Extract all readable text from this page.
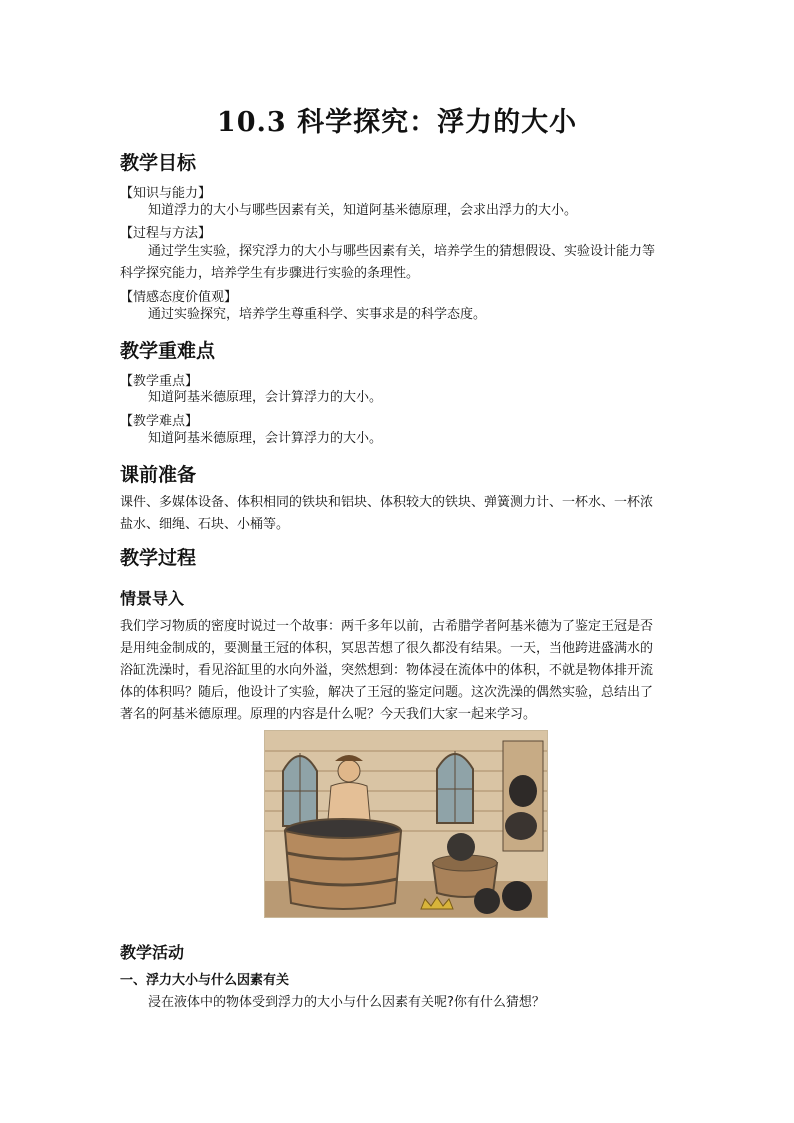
10.3 科学探究：浮力的大小
教学目标
【知识与能力】
知道浮力的大小与哪些因素有关，知道阿基米德原理，会求出浮力的大小。
【过程与方法】
通过学生实验，探究浮力的大小与哪些因素有关，培养学生的猜想假设、实验设计能力等
科学探究能力，培养学生有步骤进行实验的条理性。
【情感态度价值观】
通过实验探究，培养学生尊重科学、实事求是的科学态度。
教学重难点
【教学重点】
知道阿基米德原理，会计算浮力的大小。
【教学难点】
知道阿基米德原理，会计算浮力的大小。
课前准备
课件、多媒体设备、体积相同的铁块和铝块、体积较大的铁块、弹簧测力计、一杯水、一杯浓
盐水、细绳、石块、小桶等。
教学过程
情景导入
我们学习物质的密度时说过一个故事：两千多年以前，古希腊学者阿基米德为了鉴定王冠是否
是用纯金制成的，要测量王冠的体积，冥思苦想了很久都没有结果。一天，当他跨进盛满水的
浴缸洗澡时，看见浴缸里的水向外溢，突然想到：物体浸在流体中的体积，不就是物体排开流
体的体积吗？随后，他设计了实验，解决了王冠的鉴定问题。这次洗澡的偶然实验，总结出了
著名的阿基米德原理。原理的内容是什么呢？今天我们大家一起来学习。
教学活动
一、浮力大小与什么因素有关
浸在液体中的物体受到浮力的大小与什么因素有关呢?你有什么猜想？
